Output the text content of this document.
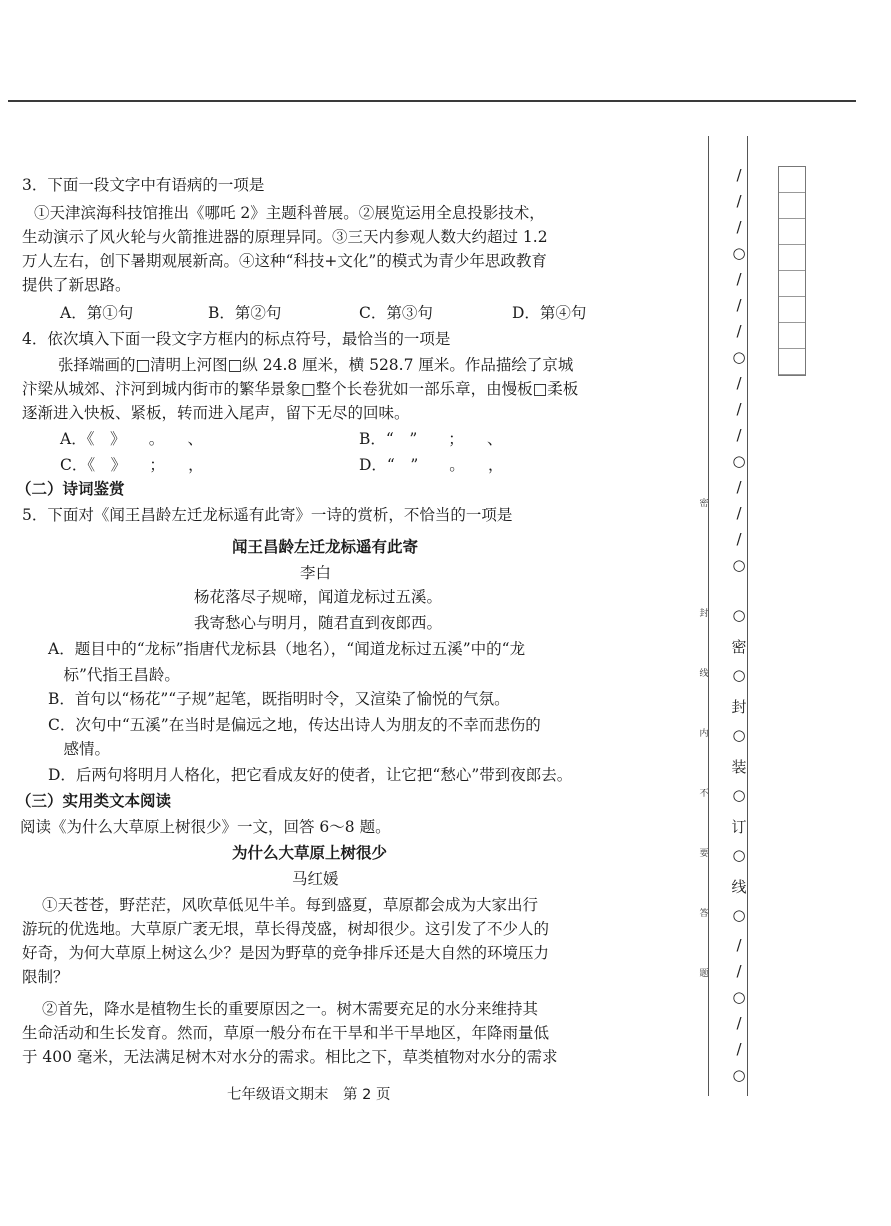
3．下面一段文字中有语病的一项是
①天津滨海科技馆推出《哪吒 2》主题科普展。②展览运用全息投影技术，
生动演示了风火轮与火箭推进器的原理异同。③三天内参观人数大约超过 1.2
万人左右，创下暑期观展新高。④这种“科技+文化”的模式为青少年思政教育
提供了新思路。
A．第①句	B．第②句	C．第③句	D．第④句
4．依次填入下面一段文字方框内的标点符号，最恰当的一项是
张择端画的□清明上河图□纵 24.8 厘米，横 528.7 厘米。作品描绘了京城
汴梁从城郊、汴河到城内街市的繁华景象□整个长卷犹如一部乐章，由慢板□柔板
逐渐进入快板、紧板，转而进入尾声，留下无尽的回味。
A．《　》　　。　　、	B．“　”　　；　　、
C．《　》　　；　　，	D．“　”　　。　　，
（二）诗词鉴赏
5．下面对《闻王昌龄左迁龙标遥有此寄》一诗的赏析，不恰当的一项是
闻王昌龄左迁龙标遥有此寄
李白
杨花落尽子规啼，闻道龙标过五溪。
我寄愁心与明月，随君直到夜郎西。
A．题目中的“龙标”指唐代龙标县（地名），“闻道龙标过五溪”中的“龙
　标”代指王昌龄。
B．首句以“杨花”“子规”起笔，既指明时令，又渲染了愉悦的气氛。
C．次句中“五溪”在当时是偏远之地，传达出诗人为朋友的不幸而悲伤的
　感情。
D．后两句将明月人格化，把它看成友好的使者，让它把“愁心”带到夜郎去。
（三）实用类文本阅读
阅读《为什么大草原上树很少》一文，回答 6～8 题。
为什么大草原上树很少
马红媛
①天苍苍，野茫茫，风吹草低见牛羊。每到盛夏，草原都会成为大家出行
游玩的优选地。大草原广袤无垠，草长得茂盛，树却很少。这引发了不少人的
好奇，为何大草原上树这么少？是因为野草的竞争排斥还是大自然的环境压力
限制？
②首先，降水是植物生长的重要原因之一。树木需要充足的水分来维持其
生命活动和生长发育。然而，草原一般分布在干旱和半干旱地区，年降雨量低
于 400 毫米，无法满足树木对水分的需求。相比之下，草类植物对水分的需求
七年级语文期末　第 2 页
/
/
/
○
/
/
/
○
/
/
/
○
/
/
/
○
○
密
○
封
○
装
○
订
○
线
○
/
/
○
/
/
○
密
封
线
内
不
要
答
题
